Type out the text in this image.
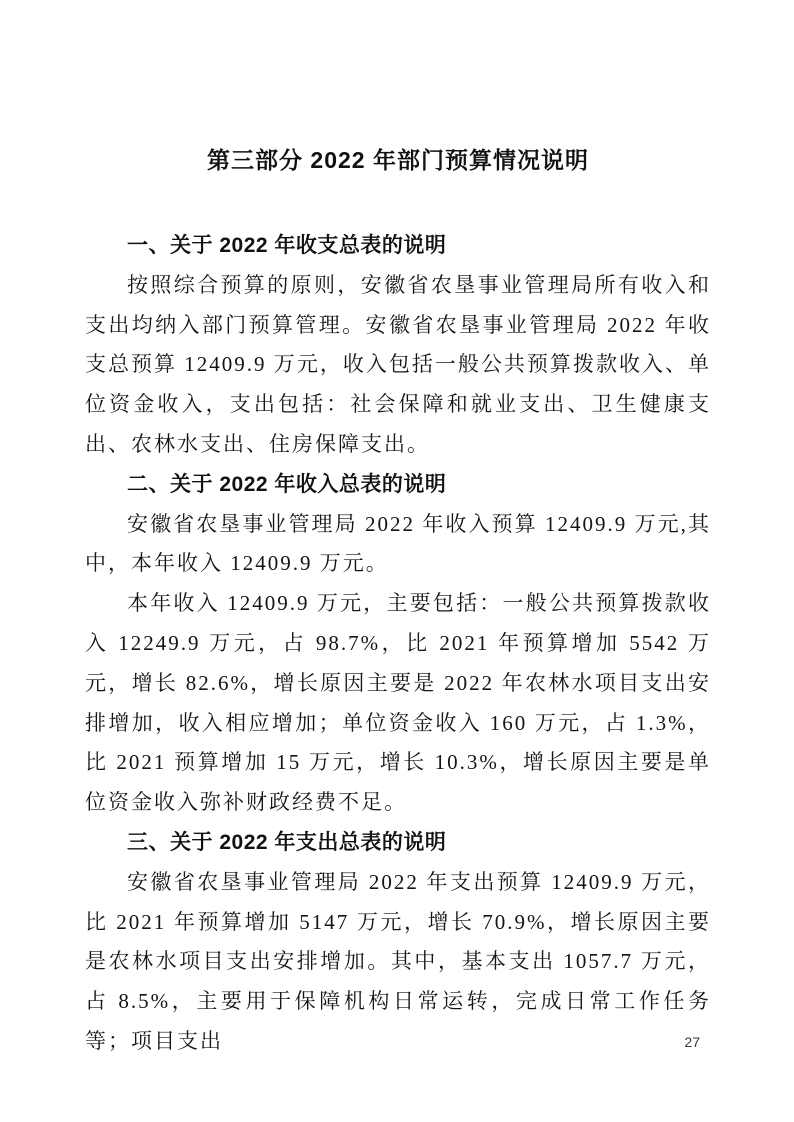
第三部分 2022 年部门预算情况说明
一、关于 2022 年收支总表的说明

按照综合预算的原则，安徽省农垦事业管理局所有收入和支出均纳入部门预算管理。安徽省农垦事业管理局 2022 年收支总预算 12409.9 万元，收入包括一般公共预算拨款收入、单位资金收入，支出包括：社会保障和就业支出、卫生健康支出、农林水支出、住房保障支出。

二、关于 2022 年收入总表的说明

安徽省农垦事业管理局 2022 年收入预算 12409.9 万元,其中，本年收入 12409.9 万元。

本年收入 12409.9 万元，主要包括：一般公共预算拨款收入 12249.9 万元，占 98.7%，比 2021 年预算增加 5542 万元，增长 82.6%，增长原因主要是 2022 年农林水项目支出安排增加，收入相应增加；单位资金收入 160 万元，占 1.3%，比 2021 预算增加 15 万元，增长 10.3%，增长原因主要是单位资金收入弥补财政经费不足。

三、关于 2022 年支出总表的说明

安徽省农垦事业管理局 2022 年支出预算 12409.9 万元， 比 2021 年预算增加 5147 万元，增长 70.9%，增长原因主要是农林水项目支出安排增加。其中，基本支出 1057.7 万元，占 8.5%，主要用于保障机构日常运转，完成日常工作任务等；项目支出	27
